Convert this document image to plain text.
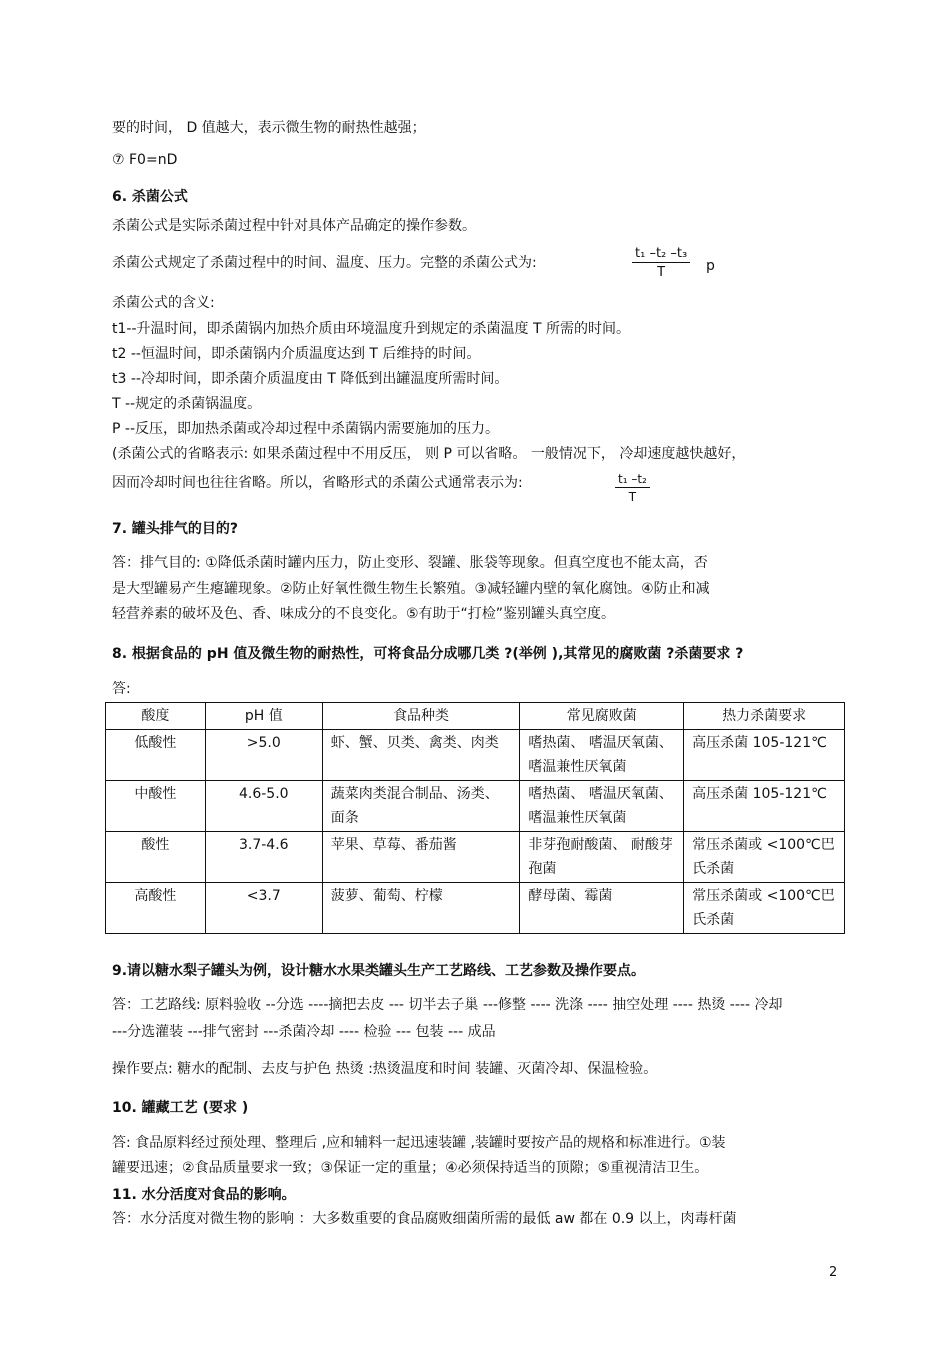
要的时间， D 值越大，表示微生物的耐热性越强；
⑦ F0=nD
6. 杀菌公式
杀菌公式是实际杀菌过程中针对具体产品确定的操作参数。
杀菌公式规定了杀菌过程中的时间、温度、压力。完整的杀菌公式为:	$\frac{\text{t₁ –t₂ –t₃}}{T}$ p
杀菌公式的含义:
t1--升温时间，即杀菌锅内加热介质由环境温度升到规定的杀菌温度 T 所需的时间。
t2 --恒温时间，即杀菌锅内介质温度达到 T 后维持的时间。
t3 --冷却时间，即杀菌介质温度由 T 降低到出罐温度所需时间。
T --规定的杀菌锅温度。
P --反压，即加热杀菌或冷却过程中杀菌锅内需要施加的压力。
(杀菌公式的省略表示: 如果杀菌过程中不用反压， 则 P 可以省略。 一般情况下， 冷却速度越快越好，
因而冷却时间也往往省略。所以，省略形式的杀菌公式通常表示为:	$\frac{\text{t₁ –t₂}}{T}$
7. 罐头排气的目的?
答：排气目的: ①降低杀菌时罐内压力，防止变形、裂罐、胀袋等现象。但真空度也不能太高，否
是大型罐易产生瘪罐现象。②防止好氧性微生物生长繁殖。③减轻罐内壁的氧化腐蚀。④防止和减
轻营养素的破坏及色、香、味成分的不良变化。⑤有助于“打检”鉴别罐头真空度。
8. 根据食品的 pH 值及微生物的耐热性，可将食品分成哪几类 ?(举例 ),其常见的腐败菌 ?杀菌要求 ?
答:
酸度	pH 值	食品种类	常见腐败菌	热力杀菌要求
低酸性	>5.0	虾、蟹、贝类、禽类、肉类	嗜热菌、 嗜温厌氧菌、嗜温兼性厌氧菌	高压杀菌 105-121℃
中酸性	4.6-5.0	蔬菜肉类混合制品、汤类、面条	嗜热菌、 嗜温厌氧菌、嗜温兼性厌氧菌	高压杀菌 105-121℃
酸性	3.7-4.6	苹果、草莓、番茄酱	非芽孢耐酸菌、 耐酸芽孢菌	常压杀菌或 <100℃巴氏杀菌
高酸性	<3.7	菠萝、葡萄、柠檬	酵母菌、霉菌	常压杀菌或 <100℃巴氏杀菌
9.请以糖水梨子罐头为例，设计糖水水果类罐头生产工艺路线、工艺参数及操作要点。
答：工艺路线: 原料验收 --分选 ----摘把去皮 --- 切半去子巢 ---修整 ---- 洗涤 ---- 抽空处理 ---- 热烫 ---- 冷却
---分选灌装 ---排气密封 ---杀菌冷却 ---- 检验 --- 包装 --- 成品
操作要点: 糖水的配制、去皮与护色 热烫 :热烫温度和时间 装罐、灭菌冷却、保温检验。
10. 罐藏工艺 (要求 )
答: 食品原料经过预处理、整理后 ,应和辅料一起迅速装罐 ,装罐时要按产品的规格和标准进行。①装
罐要迅速；②食品质量要求一致；③保证一定的重量；④必须保持适当的顶隙；⑤重视清洁卫生。
11. 水分活度对食品的影响。
答：水分活度对微生物的影响 ：大多数重要的食品腐败细菌所需的最低 aw 都在 0.9 以上，肉毒杆菌
2
